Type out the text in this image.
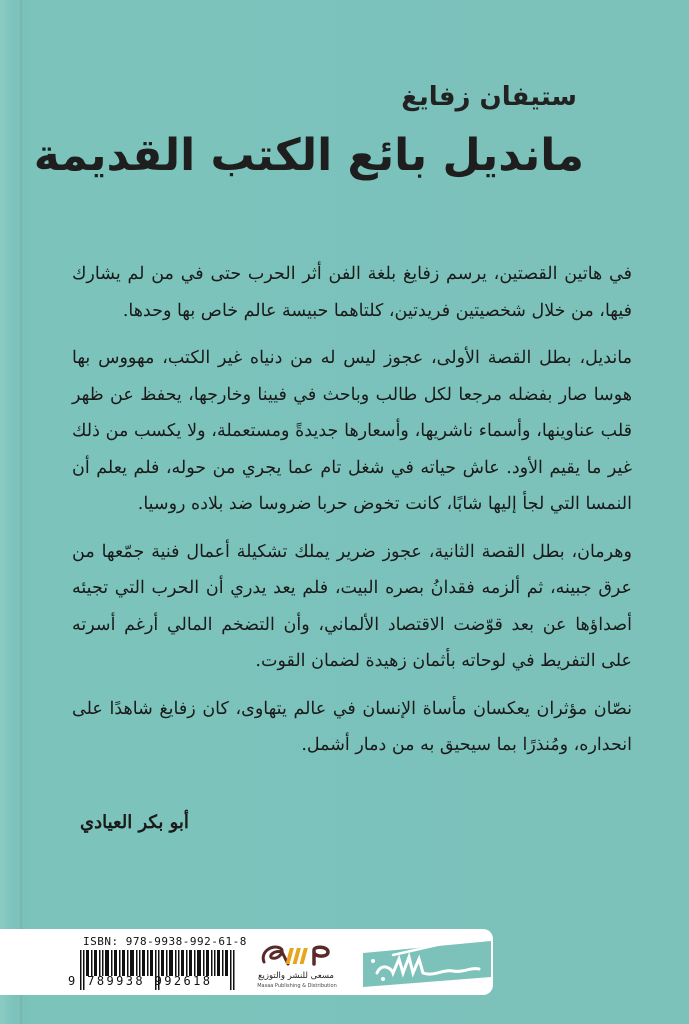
ستيفان زفايغ
مانديل بائع الكتب القديمة

في هاتين القصتين، يرسم زفايغ بلغة الفن أثر الحرب حتى في من لم يشارك فيها، من خلال شخصيتين فريدتين، كلتاهما حبيسة عالم خاص بها وحدها.

مانديل، بطل القصة الأولى، عجوز ليس له من دنياه غير الكتب، مهووس بها هوسا صار بفضله مرجعا لكل طالب وباحث في فيينا وخارجها، يحفظ عن ظهر قلب عناوينها، وأسماء ناشريها، وأسعارها جديدةً ومستعملة، ولا يكسب من ذلك غير ما يقيم الأود. عاش حياته في شغل تام عما يجري من حوله، فلم يعلم أن النمسا التي لجأ إليها شابًا، كانت تخوض حربا ضروسا ضد بلاده روسيا.

وهرمان، بطل القصة الثانية، عجوز ضرير يملك تشكيلة أعمال فنية جمّعها من عرق جبينه، ثم ألزمه فقدانُ بصره البيت، فلم يعد يدري أن الحرب التي تجيئه أصداؤها عن بعد قوّضت الاقتصاد الألماني، وأن التضخم المالي أرغم أسرته على التفريط في لوحاته بأثمان زهيدة لضمان القوت.

نصّان مؤثران يعكسان مأساة الإنسان في عالم يتهاوى، كان زفايغ شاهدًا على انحداره، ومُنذرًا بما سيحيق به من دمار أشمل.

أبو بكر العيادي
ISBN: 978-9938-992-61-8
9 789938 992618	مسعى للنشر والتوزيع
Masaa Publishing & Distribution
